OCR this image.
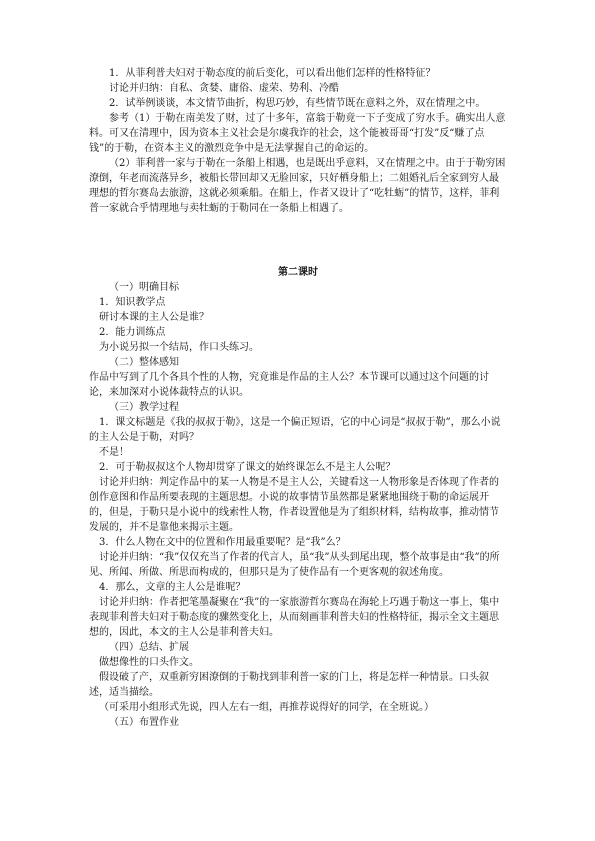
1．从菲利普夫妇对于勒态度的前后变化，可以看出他们怎样的性格特征？

讨论并归纳：自私、贪婪、庸俗、虚荣、势利、冷酷

2．试举例谈谈，本文情节曲折，构思巧妙，有些情节既在意料之外，双在情理之中。

参考（1）于勒在南美发了财，过了十多年，富翁于勒竟一下子变成了穷水手。确实出人意料。可又在清理中，因为资本主义社会是尔虞我诈的社会，这个能被哥哥“打发”反“赚了点钱”的于勒，在资本主义的激烈竞争中是无法掌握自己的命运的。

（2）菲利普一家与于勒在一条船上相遇，也是既出乎意料，又在情理之中。由于于勒穷困潦倒，年老而流落异乡，被船长带回却又无脸回家，只好栖身船上；二姐婚礼后全家到穷人最理想的哲尔赛岛去旅游，这就必须乘船。在船上，作者又设计了“吃牡蛎”的情节，这样，菲利普一家就合乎情理地与卖牡蛎的于勒同在一条船上相遇了。

第二课时

（一）明确目标

1．知识教学点

研讨本课的主人公是谁？

2．能力训练点

为小说另拟一个结局，作口头练习。

（二）整体感知

作品中写到了几个各具个性的人物，究竟谁是作品的主人公？本节课可以通过这个问题的讨论，来加深对小说体裁特点的认识。

（三）教学过程

1．课文标题是《我的叔叔于勒》，这是一个偏正短语，它的中心词是“叔叔于勒”，那么小说的主人公是于勒，对吗？

不是！

2．可于勒叔叔这个人物却贯穿了课文的始终课怎么不是主人公呢？

讨论并归纳：判定作品中的某一人物是不是主人公，关键看这一人物形象是否体现了作者的创作意图和作品所要表现的主题思想。小说的故事情节虽然都是紧紧地围绕于勒的命运展开的，但是，于勒只是小说中的线索性人物，作者设置他是为了组织材料，结构故事，推动情节发展的，并不是靠他来揭示主题。

3．什么人物在文中的位置和作用最重要呢？是“我”么？

讨论并归纳：“我”仅仅充当了作者的代言人，虽“我”从头到尾出现，整个故事是由“我”的所见、所闻、所做、所思而构成的，但那只是为了使作品有一个更客观的叙述角度。

4．那么，文章的主人公是谁呢？

讨论并归纳：作者把笔墨凝聚在“我”的一家旅游哲尔赛岛在海轮上巧遇于勒这一事上，集中表现菲利普夫妇对于勒态度的骤然变化上，从而刻画菲利普夫妇的性格特征，揭示全文主题思想的，因此，本文的主人公是菲利普夫妇。

（四）总结、扩展

做想像性的口头作文。

假设破了产，双重新穷困潦倒的于勒找到菲利普一家的门上，将是怎样一种情景。口头叙述，适当描绘。

（可采用小组形式先说，四人左右一组，再推荐说得好的同学，在全班说。）

（五）布置作业
